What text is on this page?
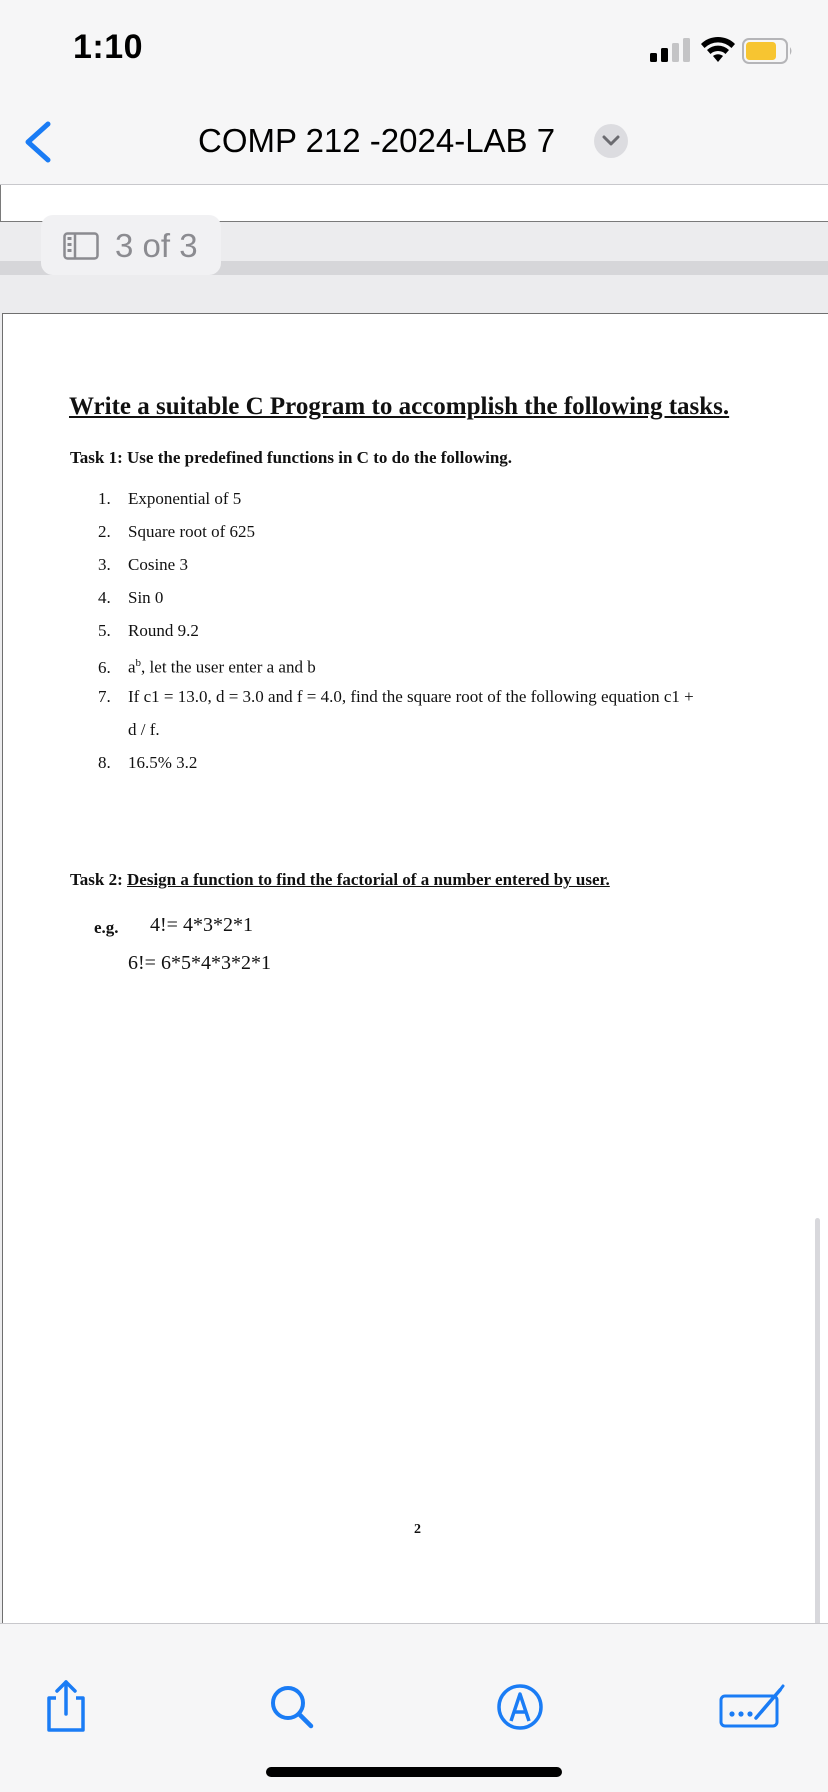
1:10
COMP 212 -2024-LAB 7
3 of 3
Write a suitable C Program to accomplish the following tasks.
Task 1: Use the predefined functions in C to do the following.
1. Exponential of 5
2. Square root of 625
3. Cosine 3
4. Sin 0
5. Round 9.2
6. $a^b$, let the user enter a and b
7. If c1 = 13.0, d = 3.0 and f = 4.0, find the square root of the following equation c1 +
d / f.
8. 16.5% 3.2
Task 2: Design a function to find the factorial of a number entered by user.
e.g. 4!= 4*3*2*1
6!= 6*5*4*3*2*1
2
